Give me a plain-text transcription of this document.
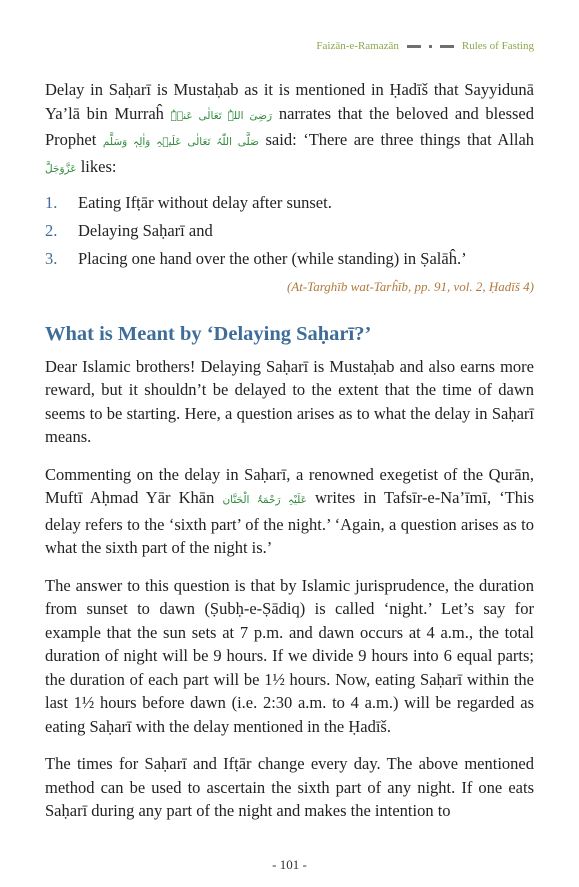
Faizān-e-Ramazān	Rules of Fasting

Delay in Saḥarī is Mustaḥab as it is mentioned in Ḥadīš that Sayyidunā Ya’lā bin Murraĥ رَضِیَ اللہُ تَعَالٰی عَنۡہُ narrates that the beloved and blessed Prophet صَلَّی اللّٰہُ تَعَالٰی عَلَیۡہِ وَاٰلِہٖ وَسَلَّم said: ‘There are three things that Allah عَزَّوَجَلَّ likes:

1.	Eating Ifṭār without delay after sunset.
2.	Delaying Saḥarī and
3.	Placing one hand over the other (while standing) in Ṣalāĥ.’

(At-Targhīb wat-Tarĥīb, pp. 91, vol. 2, Ḥadīš 4)

What is Meant by ‘Delaying Saḥarī?’

Dear Islamic brothers! Delaying Saḥarī is Mustaḥab and also earns more reward, but it shouldn’t be delayed to the extent that the time of dawn seems to be starting. Here, a question arises as to what the delay in Saḥarī means.

Commenting on the delay in Saḥarī, a renowned exegetist of the Qurān, Muftī Aḥmad Yār Khān عَلَیْہِ رَحْمَۃُ الْحَنَّان writes in Tafsīr-e-Na’īmī, ‘This delay refers to the ‘sixth part’ of the night.’ ‘Again, a question arises as to what the sixth part of the night is.’

The answer to this question is that by Islamic jurisprudence, the duration from sunset to dawn (Ṣubḥ-e-Ṣādiq) is called ‘night.’ Let’s say for example that the sun sets at 7 p.m. and dawn occurs at 4 a.m., the total duration of night will be 9 hours. If we divide 9 hours into 6 equal parts; the duration of each part will be 1½ hours. Now, eating Saḥarī within the last 1½ hours before dawn (i.e. 2:30 a.m. to 4 a.m.) will be regarded as eating Saḥarī with the delay mentioned in the Ḥadīš.

The times for Saḥarī and Ifṭār change every day. The above mentioned method can be used to ascertain the sixth part of any night. If one eats Saḥarī during any part of the night and makes the intention to

- 101 -
